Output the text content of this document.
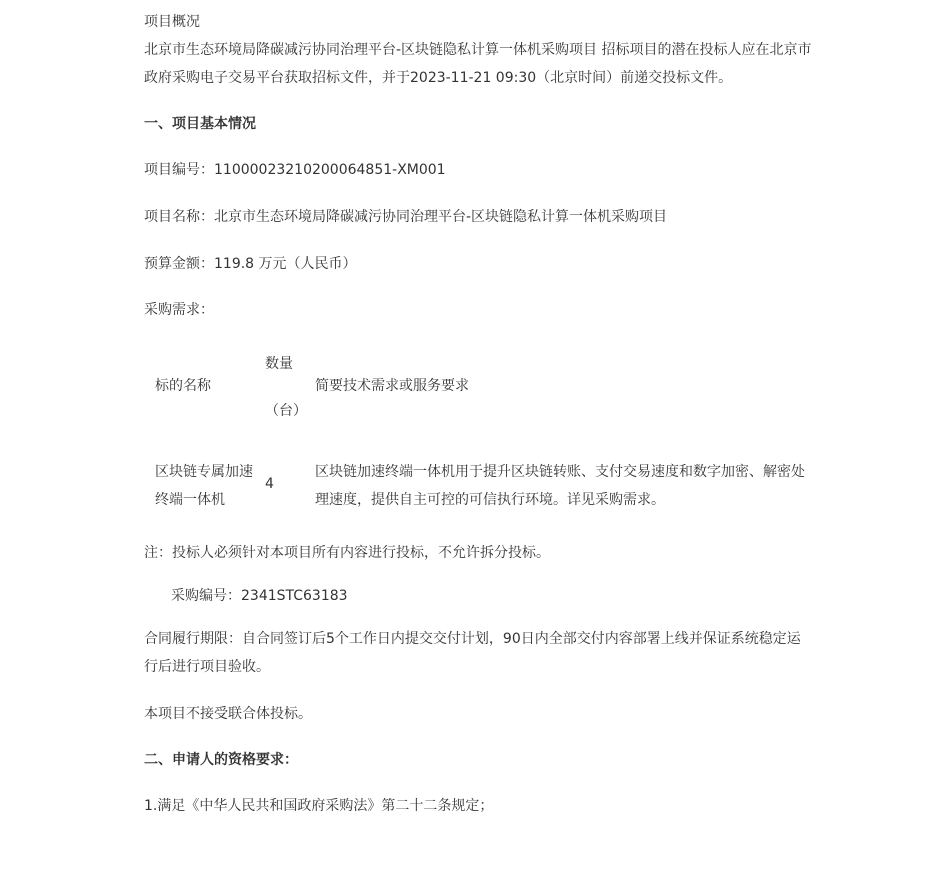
项目概况
北京市生态环境局降碳减污协同治理平台-区块链隐私计算一体机采购项目 招标项目的潜在投标人应在北京市政府采购电子交易平台获取招标文件，并于2023-11-21 09:30（北京时间）前递交投标文件。
一、项目基本情况
项目编号：11000023210200064851-XM001
项目名称：北京市生态环境局降碳减污协同治理平台-区块链隐私计算一体机采购项目
预算金额：119.8 万元（人民币）
采购需求：
标的名称
数量
（台）
简要技术需求或服务要求
区块链专属加速
终端一体机
4
区块链加速终端一体机用于提升区块链转账、支付交易速度和数字加密、解密处理速度，提供自主可控的可信执行环境。详见采购需求。
注：投标人必须针对本项目所有内容进行投标，不允许拆分投标。
采购编号：2341STC63183
合同履行期限：自合同签订后5个工作日内提交交付计划，90日内全部交付内容部署上线并保证系统稳定运行后进行项目验收。
本项目不接受联合体投标。
二、申请人的资格要求：
1.满足《中华人民共和国政府采购法》第二十二条规定；
